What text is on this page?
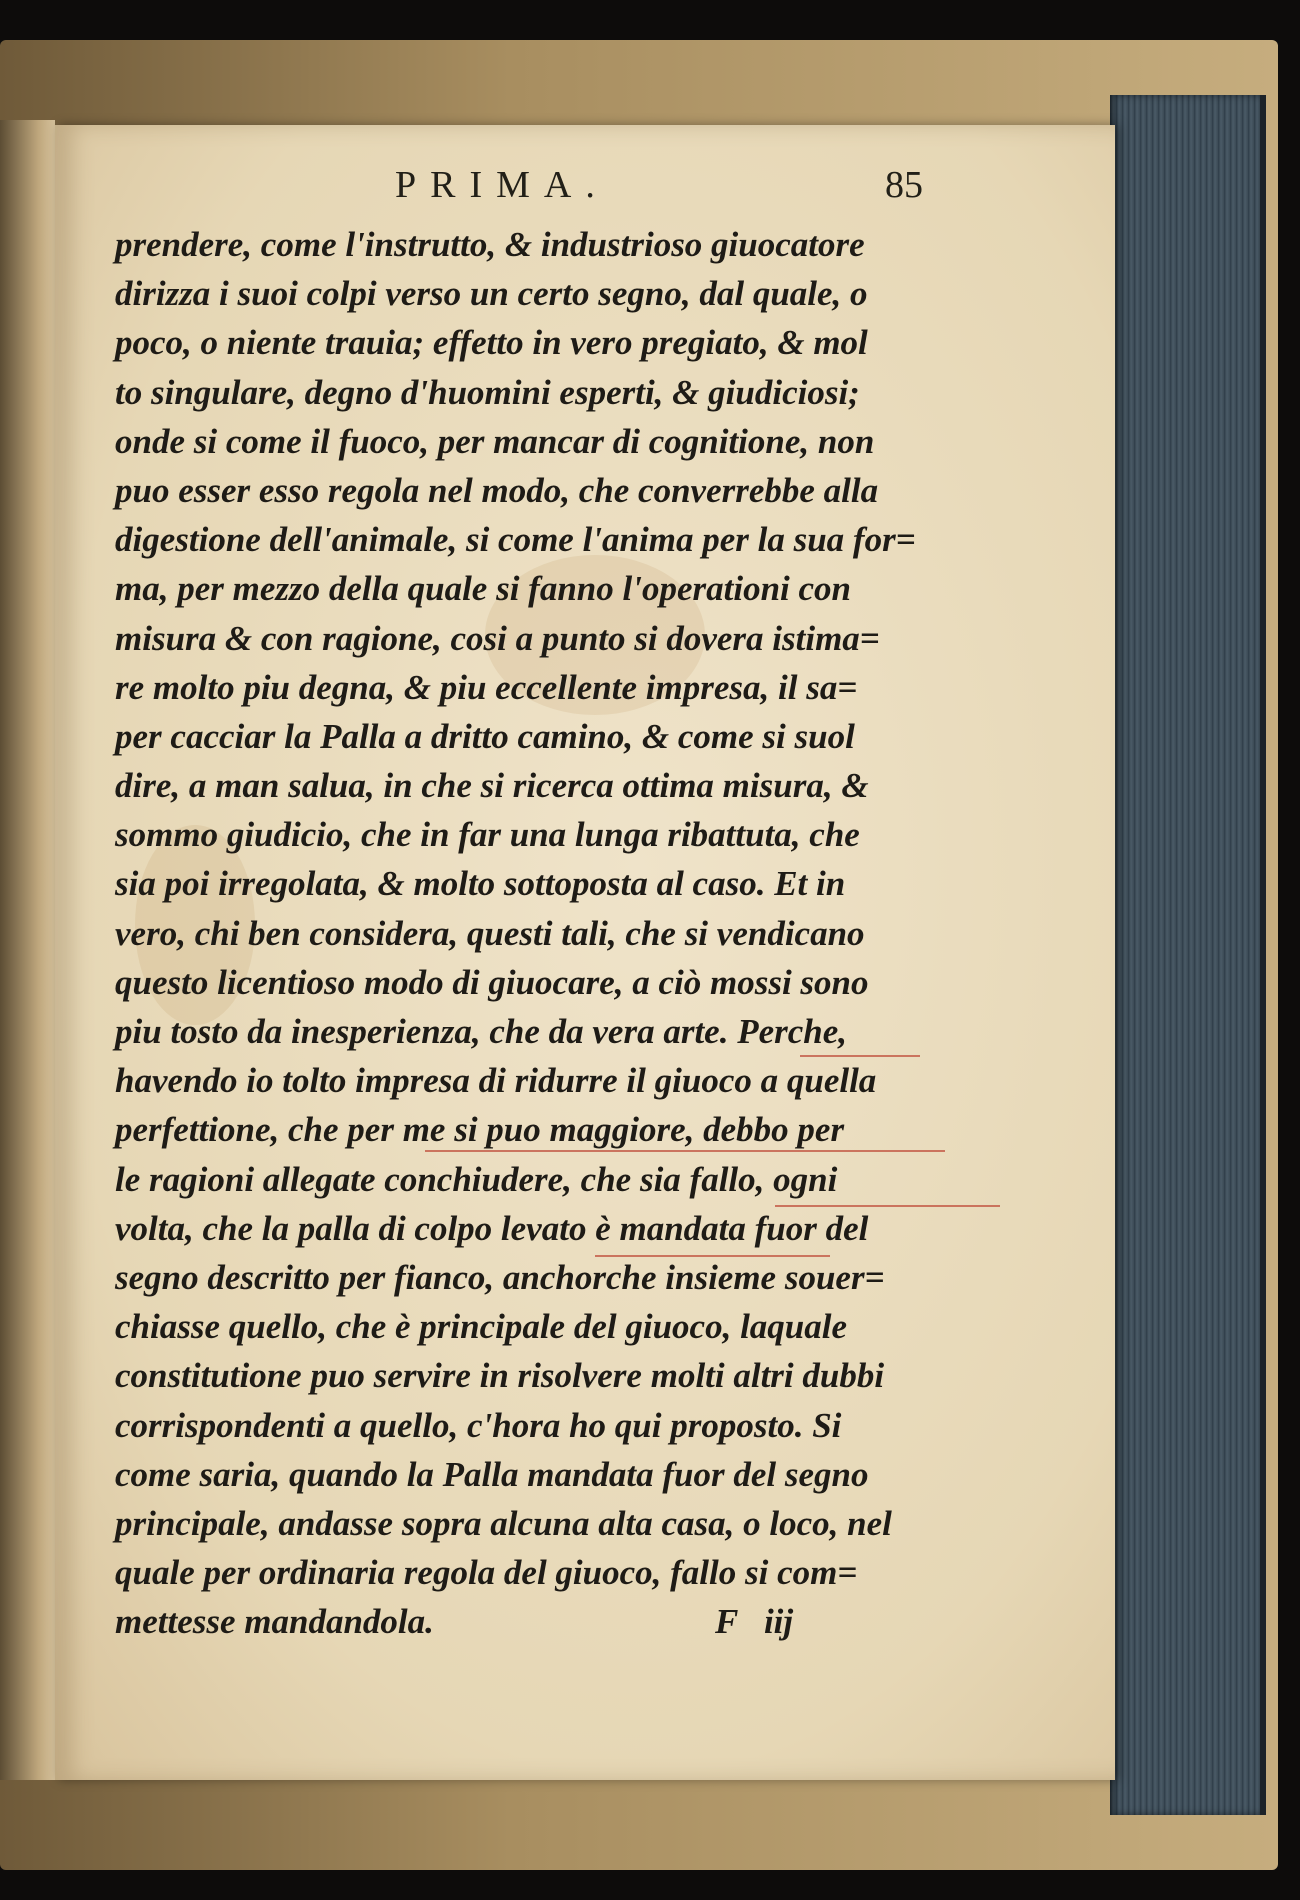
PRIMA.	85
prendere, come l'instrutto, & industrioso giuocatore
dirizza i suoi colpi verso un certo segno, dal quale, o
poco, o niente trauia; effetto in vero pregiato, & mol
to singulare, degno d'huomini esperti, & giudiciosi;
onde si come il fuoco, per mancar di cognitione, non
puo esser esso regola nel modo, che converrebbe alla
digestione dell'animale, si come l'anima per la sua for=
ma, per mezzo della quale si fanno l'operationi con
misura & con ragione, cosi a punto si dovera istima=
re molto piu degna, & piu eccellente impresa, il sa=
per cacciar la Palla a dritto camino, & come si suol
dire, a man salua, in che si ricerca ottima misura, &
sommo giudicio, che in far una lunga ribattuta, che
sia poi irregolata, & molto sottoposta al caso. Et in
vero, chi ben considera, questi tali, che si vendicano
questo licentioso modo di giuocare, a ciò mossi sono
piu tosto da inesperienza, che da vera arte. Perche,
havendo io tolto impresa di ridurre il giuoco a quella
perfettione, che per me si puo maggiore, debbo per
le ragioni allegate conchiudere, che sia fallo, ogni
volta, che la palla di colpo levato è mandata fuor del
segno descritto per fianco, anchorche insieme souer=
chiasse quello, che è principale del giuoco, laquale
constitutione puo servire in risolvere molti altri dubbi
corrispondenti a quello, c'hora ho qui proposto. Si
come saria, quando la Palla mandata fuor del segno
principale, andasse sopra alcuna alta casa, o loco, nel
quale per ordinaria regola del giuoco, fallo si com=
mettesse mandandola.	F   iij
